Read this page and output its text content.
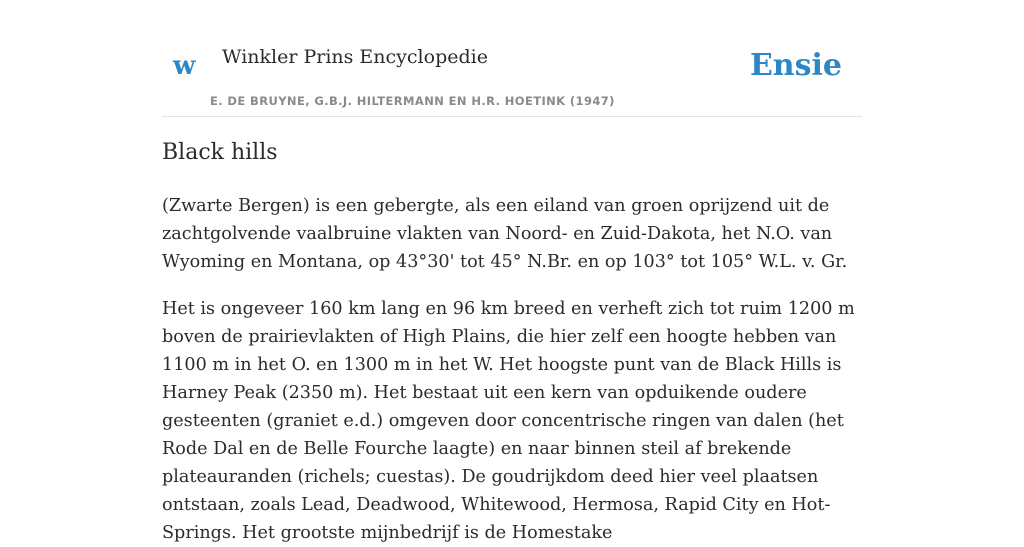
w Winkler Prins Encyclopedie
E. DE BRUYNE, G.B.J. HILTERMANN EN H.R. HOETINK (1947)
Ensie
Black hills

(Zwarte Bergen) is een gebergte, als een eiland van groen oprijzend uit de zachtgolvende vaalbruine vlakten van Noord- en Zuid-Dakota, het N.O. van Wyoming en Montana, op 43°30' tot 45° N.Br. en op 103° tot 105° W.L. v. Gr.

Het is ongeveer 160 km lang en 96 km breed en verheft zich tot ruim 1200 m boven de prairievlakten of High Plains, die hier zelf een hoogte hebben van 1100 m in het O. en 1300 m in het W. Het hoogste punt van de Black Hills is Harney Peak (2350 m). Het bestaat uit een kern van opduikende oudere gesteenten (graniet e.d.) omgeven door concentrische ringen van dalen (het Rode Dal en de Belle Fourche laagte) en naar binnen steil af brekende plateauranden (richels; cuestas). De goudrijkdom deed hier veel plaatsen ontstaan, zoals Lead, Deadwood, Whitewood, Hermosa, Rapid City en Hot-Springs. Het grootste mijnbedrijf is de Homestake
